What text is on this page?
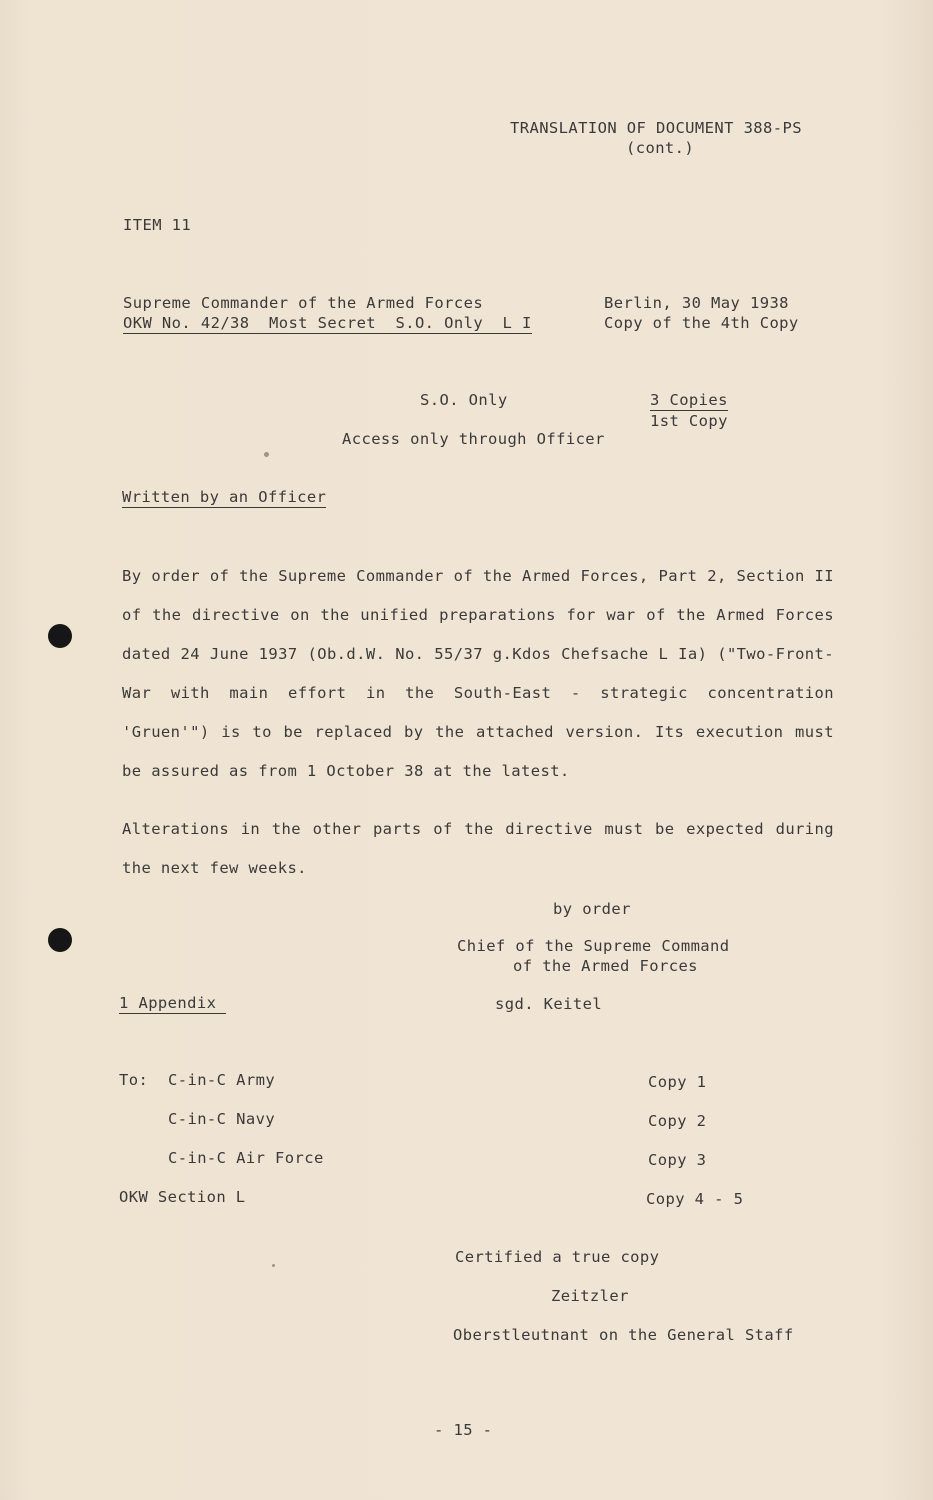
TRANSLATION OF DOCUMENT 388-PS
(cont.)
ITEM 11
Supreme Commander of the Armed Forces
OKW No. 42/38  Most Secret  S.O. Only  L I
Berlin, 30 May 1938
Copy of the 4th Copy
S.O. Only	3 Copies
1st Copy
Access only through Officer
Written by an Officer
By order of the Supreme Commander of the Armed Forces, Part 2, Section II of the directive on the unified preparations for war of the Armed Forces dated 24 June 1937 (Ob.d.W. No. 55/37 g.Kdos Chefsache L Ia) ("Two-Front-War with main effort in the South-East - strategic concentration 'Gruen'") is to be replaced by the attached version. Its execution must be assured as from 1 October 38 at the latest.
Alterations in the other parts of the directive must be expected during the next few weeks.
by order
Chief of the Supreme Command
of the Armed Forces
sgd. Keitel
1 Appendix
To: C-in-C Army	Copy 1
C-in-C Navy	Copy 2
C-in-C Air Force	Copy 3
OKW Section L	Copy 4 - 5
Certified a true copy
Zeitzler
Oberstleutnant on the General Staff
- 15 -
